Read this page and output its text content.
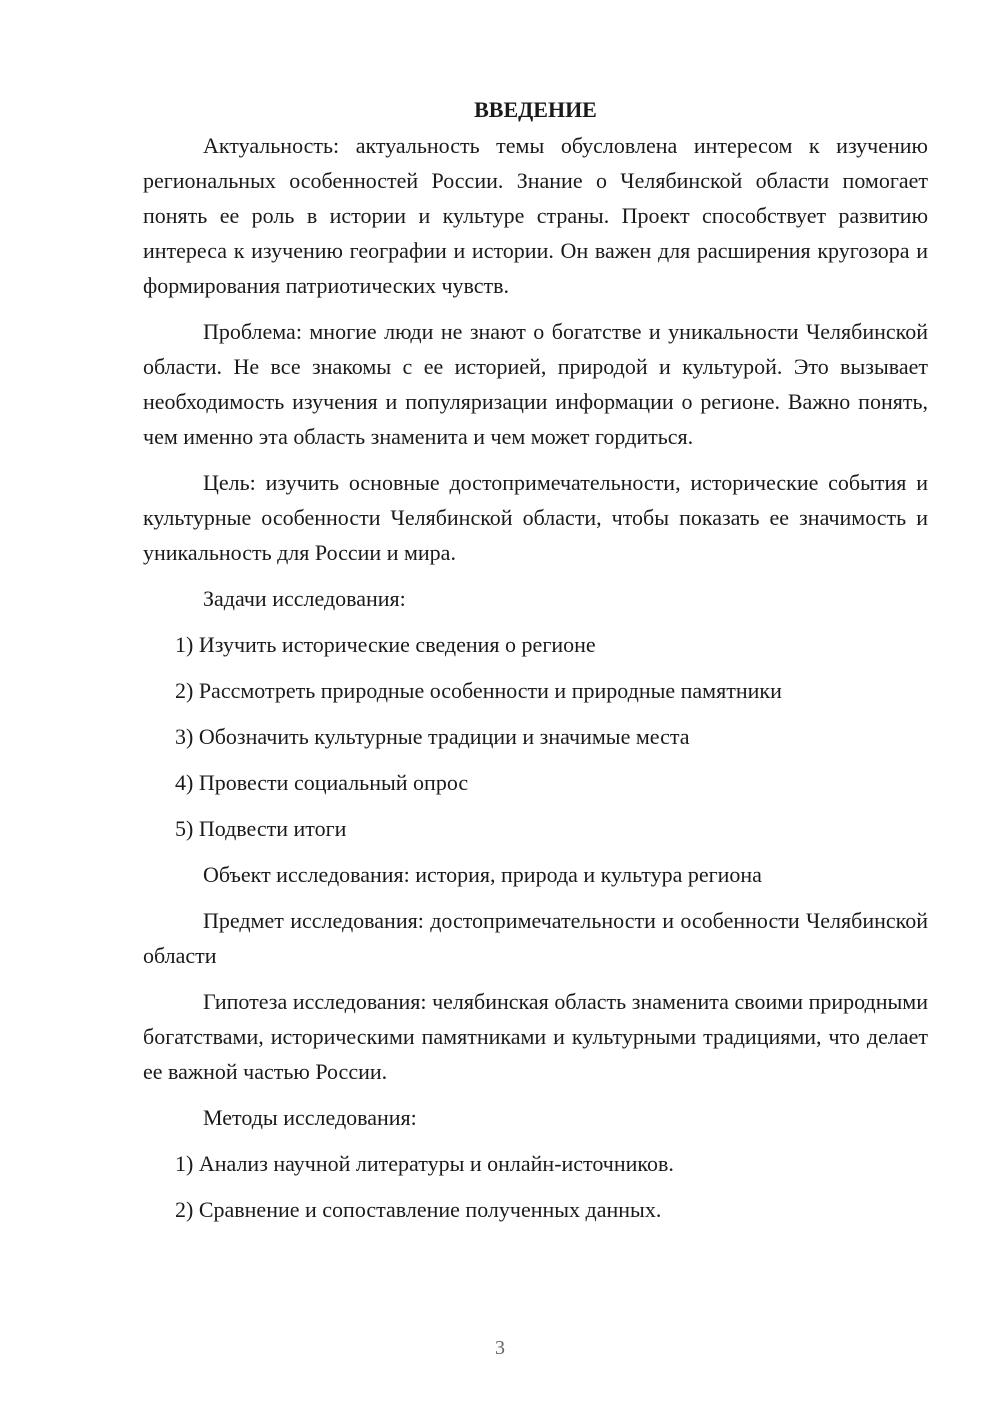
ВВЕДЕНИЕ
Актуальность: актуальность темы обусловлена интересом к изучению региональных особенностей России. Знание о Челябинской области помогает понять ее роль в истории и культуре страны. Проект способствует развитию интереса к изучению географии и истории. Он важен для расширения кругозора и формирования патриотических чувств.
Проблема: многие люди не знают о богатстве и уникальности Челябинской области. Не все знакомы с ее историей, природой и культурой. Это вызывает необходимость изучения и популяризации информации о регионе. Важно понять, чем именно эта область знаменита и чем может гордиться.
Цель: изучить основные достопримечательности, исторические события и культурные особенности Челябинской области, чтобы показать ее значимость и уникальность для России и мира.
Задачи исследования:
1) Изучить исторические сведения о регионе
2) Рассмотреть природные особенности и природные памятники
3) Обозначить культурные традиции и значимые места
4) Провести социальный опрос
5) Подвести итоги
Объект исследования: история, природа и культура региона
Предмет исследования: достопримечательности и особенности Челябинской области
Гипотеза исследования: челябинская область знаменита своими природными богатствами, историческими памятниками и культурными традициями, что делает ее важной частью России.
Методы исследования:
1) Анализ научной литературы и онлайн-источников.
2) Сравнение и сопоставление полученных данных.
3
